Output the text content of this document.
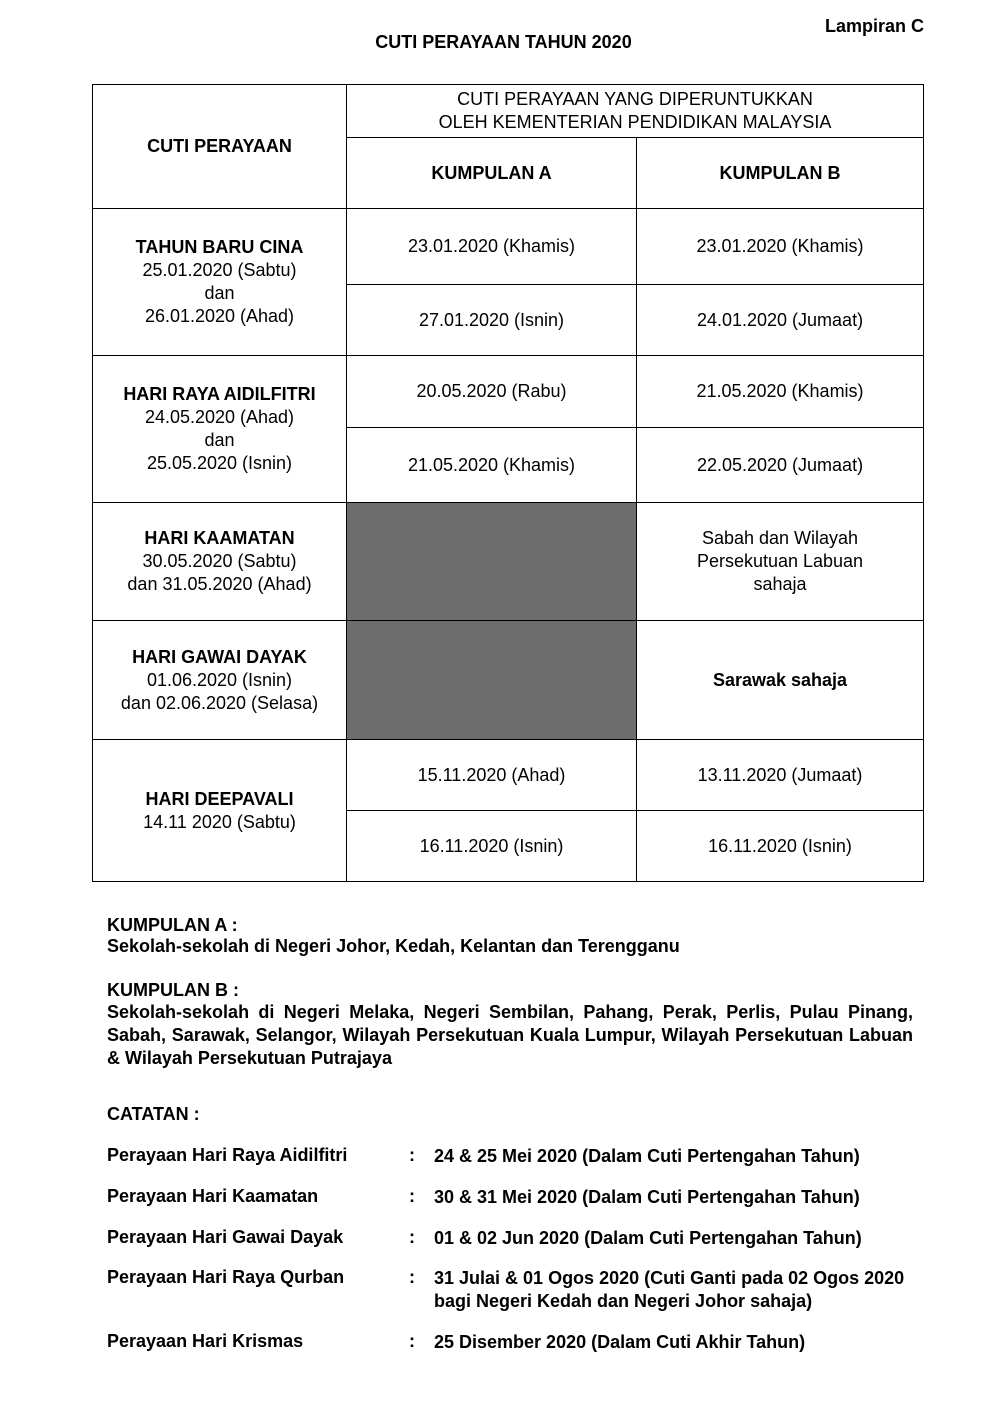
Lampiran C
CUTI PERAYAAN TAHUN 2020
CUTI PERAYAAN	CUTI PERAYAAN YANG DIPERUNTUKKAN
OLEH KEMENTERIAN PENDIDIKAN MALAYSIA	

	KUMPULAN A	KUMPULAN B

TAHUN BARU CINA
25.01.2020 (Sabtu)
dan
26.01.2020 (Ahad)	23.01.2020 (Khamis)	23.01.2020 (Khamis)
	27.01.2020 (Isnin)	24.01.2020 (Jumaat)

HARI RAYA AIDILFITRI
24.05.2020 (Ahad)
dan
25.05.2020 (Isnin)	20.05.2020 (Rabu)	21.05.2020 (Khamis)
	21.05.2020 (Khamis)	22.05.2020 (Jumaat)

HARI KAAMATAN
30.05.2020 (Sabtu)
dan 31.05.2020 (Ahad)		Sabah dan Wilayah
Persekutuan Labuan
sahaja

HARI GAWAI DAYAK
01.06.2020 (Isnin)
dan 02.06.2020 (Selasa)		Sarawak sahaja

HARI DEEPAVALI
14.11 2020 (Sabtu)	15.11.2020 (Ahad)	13.11.2020 (Jumaat)
	16.11.2020 (Isnin)	16.11.2020 (Isnin)
KUMPULAN A :
Sekolah-sekolah di Negeri Johor, Kedah, Kelantan dan Terengganu
KUMPULAN B :
Sekolah-sekolah di Negeri Melaka, Negeri Sembilan, Pahang, Perak, Perlis, Pulau Pinang, Sabah, Sarawak, Selangor, Wilayah Persekutuan Kuala Lumpur, Wilayah Persekutuan Labuan & Wilayah Persekutuan Putrajaya
CATATAN :
Perayaan Hari Raya Aidilfitri	: 24 & 25 Mei 2020 (Dalam Cuti Pertengahan Tahun)
Perayaan Hari Kaamatan	: 30 & 31 Mei 2020 (Dalam Cuti Pertengahan Tahun)
Perayaan Hari Gawai Dayak	: 01 & 02 Jun 2020 (Dalam Cuti Pertengahan Tahun)
Perayaan Hari Raya Qurban	: 31 Julai & 01 Ogos 2020 (Cuti Ganti pada 02 Ogos 2020 bagi Negeri Kedah dan Negeri Johor sahaja)
Perayaan Hari Krismas	: 25 Disember 2020 (Dalam Cuti Akhir Tahun)
